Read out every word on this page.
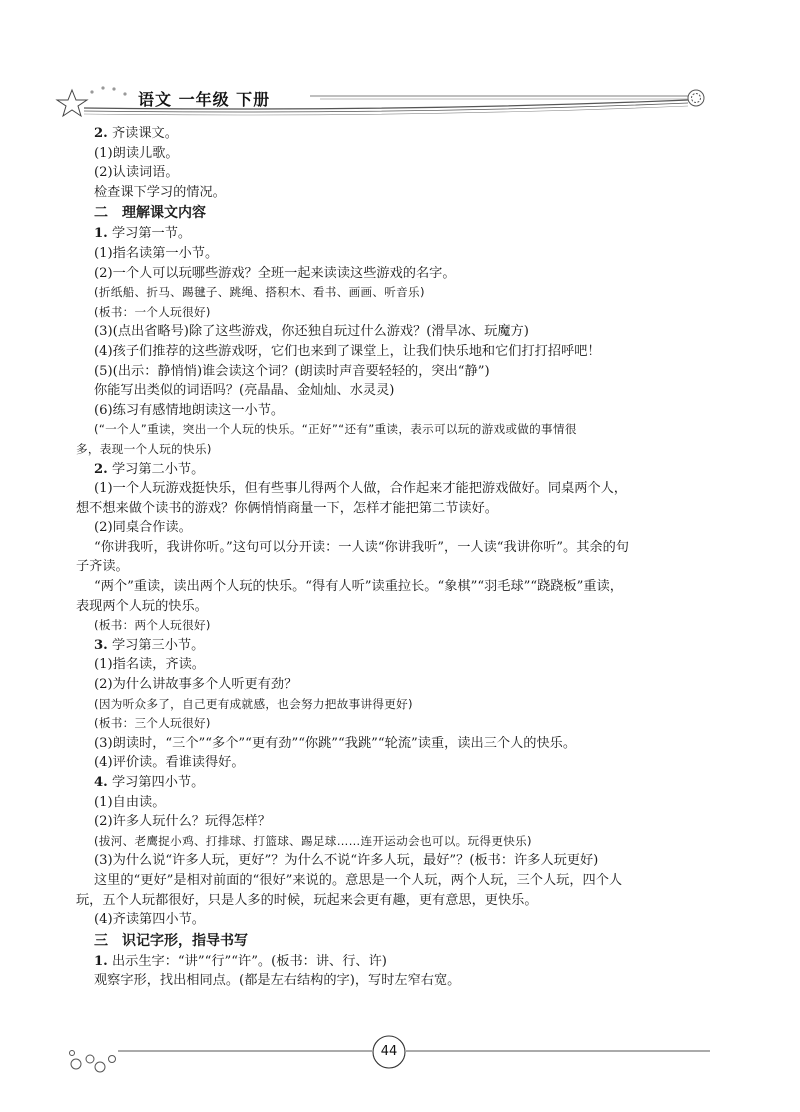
语文 一年级 下册
2. 齐读课文。
(1)朗读儿歌。
(2)认读词语。
检查课下学习的情况。
二　理解课文内容
1. 学习第一节。
(1)指名读第一小节。
(2)一个人可以玩哪些游戏？全班一起来读读这些游戏的名字。
(折纸船、折马、踢毽子、跳绳、搭积木、看书、画画、听音乐)
(板书：一个人玩很好)
(3)(点出省略号)除了这些游戏，你还独自玩过什么游戏？(滑旱冰、玩魔方)
(4)孩子们推荐的这些游戏呀，它们也来到了课堂上，让我们快乐地和它们打打招呼吧！
(5)(出示：静悄悄)谁会读这个词？(朗读时声音要轻轻的，突出“静”)
你能写出类似的词语吗？(亮晶晶、金灿灿、水灵灵)
(6)练习有感情地朗读这一小节。
(“一个人”重读，突出一个人玩的快乐。“正好”“还有”重读，表示可以玩的游戏或做的事情很
多，表现一个人玩的快乐)
2. 学习第二小节。
(1)一个人玩游戏挺快乐，但有些事儿得两个人做，合作起来才能把游戏做好。同桌两个人，
想不想来做个读书的游戏？你俩悄悄商量一下，怎样才能把第二节读好。
(2)同桌合作读。
“你讲我听，我讲你听。”这句可以分开读：一人读“你讲我听”，一人读“我讲你听”。其余的句
子齐读。
“两个”重读，读出两个人玩的快乐。“得有人听”读重拉长。“象棋”“羽毛球”“跷跷板”重读，
表现两个人玩的快乐。
(板书：两个人玩很好)
3. 学习第三小节。
(1)指名读，齐读。
(2)为什么讲故事多个人听更有劲？
(因为听众多了，自己更有成就感，也会努力把故事讲得更好)
(板书：三个人玩很好)
(3)朗读时，“三个”“多个”“更有劲”“你跳”“我跳”“轮流”读重，读出三个人的快乐。
(4)评价读。看谁读得好。
4. 学习第四小节。
(1)自由读。
(2)许多人玩什么？玩得怎样？
(拔河、老鹰捉小鸡、打排球、打篮球、踢足球……连开运动会也可以。玩得更快乐)
(3)为什么说“许多人玩，更好”？为什么不说“许多人玩，最好”？(板书：许多人玩更好)
这里的“更好”是相对前面的“很好”来说的。意思是一个人玩，两个人玩，三个人玩，四个人
玩，五个人玩都很好，只是人多的时候，玩起来会更有趣，更有意思，更快乐。
(4)齐读第四小节。
三　识记字形，指导书写
1. 出示生字：“讲”“行”“许”。(板书：讲、行、许)
观察字形，找出相同点。(都是左右结构的字)，写时左窄右宽。
44
